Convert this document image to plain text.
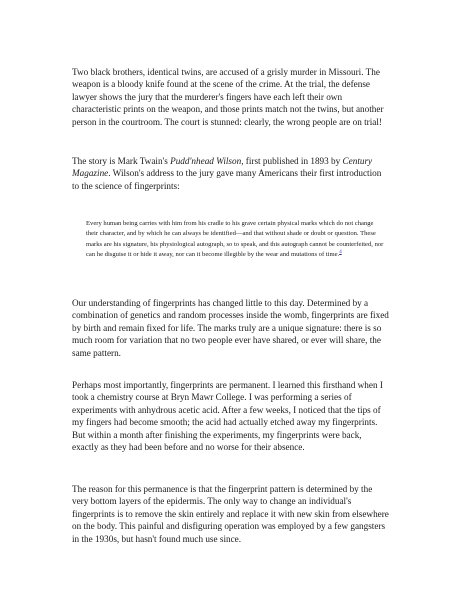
Two black brothers, identical twins, are accused of a grisly murder in Missouri. The weapon is a bloody knife found at the scene of the crime. At the trial, the defense lawyer shows the jury that the murderer's fingers have each left their own characteristic prints on the weapon, and those prints match not the twins, but another person in the courtroom. The court is stunned: clearly, the wrong people are on trial!

The story is Mark Twain's Pudd'nhead Wilson, first published in 1893 by Century Magazine. Wilson's address to the jury gave many Americans their first introduction to the science of fingerprints:

Every human being carries with him from his cradle to his grave certain physical marks which do not change their character, and by which he can always be identified—and that without shade or doubt or question. These marks are his signature, his physiological autograph, so to speak, and this autograph cannot be counterfeited, nor can he disguise it or hide it away, nor can it become illegible by the wear and mutations of time.$^4$

Our understanding of fingerprints has changed little to this day. Determined by a combination of genetics and random processes inside the womb, fingerprints are fixed by birth and remain fixed for life. The marks truly are a unique signature: there is so much room for variation that no two people ever have shared, or ever will share, the same pattern.

Perhaps most importantly, fingerprints are permanent. I learned this firsthand when I took a chemistry course at Bryn Mawr College. I was performing a series of experiments with anhydrous acetic acid. After a few weeks, I noticed that the tips of my fingers had become smooth; the acid had actually etched away my fingerprints. But within a month after finishing the experiments, my fingerprints were back, exactly as they had been before and no worse for their absence.

The reason for this permanence is that the fingerprint pattern is determined by the very bottom layers of the epidermis. The only way to change an individual's fingerprints is to remove the skin entirely and replace it with new skin from elsewhere on the body. This painful and disfiguring operation was employed by a few gangsters in the 1930s, but hasn't found much use since.
